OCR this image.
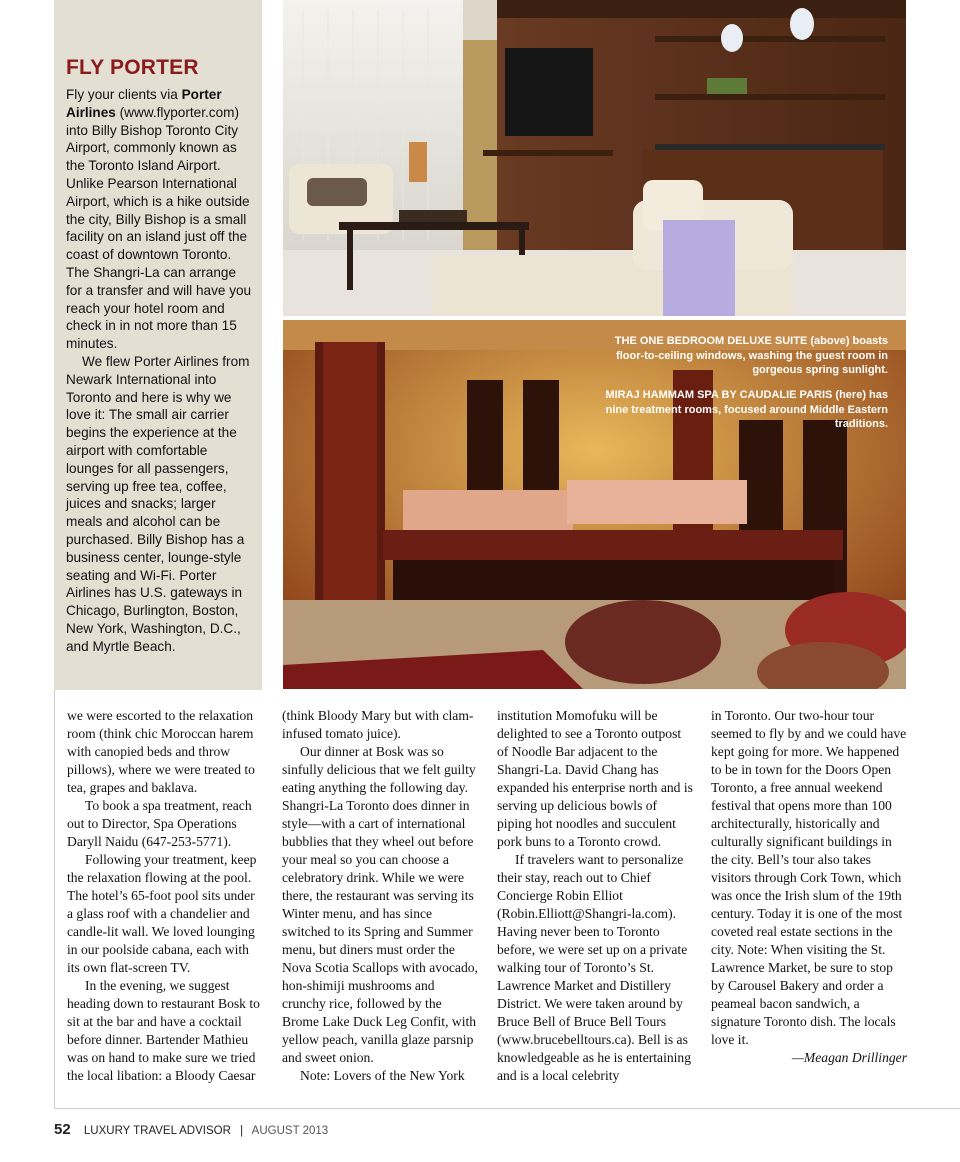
FLY PORTER

Fly your clients via Porter Airlines (www.flyporter.com) into Billy Bishop Toronto City Airport, commonly known as the Toronto Island Airport. Unlike Pearson International Airport, which is a hike outside the city, Billy Bishop is a small facility on an island just off the coast of downtown Toronto. The Shangri-La can arrange for a transfer and will have you reach your hotel room and check in in not more than 15 minutes.

We flew Porter Airlines from Newark International into Toronto and here is why we love it: The small air carrier begins the experience at the airport with comfortable lounges for all passengers, serving up free tea, coffee, juices and snacks; larger meals and alcohol can be purchased. Billy Bishop has a business center, lounge-style seating and Wi-Fi. Porter Airlines has U.S. gateways in Chicago, Burlington, Boston, New York, Washington, D.C., and Myrtle Beach.

THE ONE BEDROOM DELUXE SUITE (above) boasts floor-to-ceiling windows, washing the guest room in gorgeous spring sunlight.
MIRAJ HAMMAM SPA BY CAUDALIE PARIS (here) has nine treatment rooms, focused around Middle Eastern traditions.

we were escorted to the relaxation room (think chic Moroccan harem with canopied beds and throw pillows), where we were treated to tea, grapes and baklava.

To book a spa treatment, reach out to Director, Spa Operations Daryll Naidu (647-253-5771).

Following your treatment, keep the relaxation flowing at the pool. The hotel’s 65-foot pool sits under a glass roof with a chandelier and candle-lit wall. We loved lounging in our poolside cabana, each with its own flat-screen TV.

In the evening, we suggest heading down to restaurant Bosk to sit at the bar and have a cocktail before dinner. Bartender Mathieu was on hand to make sure we tried the local libation: a Bloody Caesar

(think Bloody Mary but with clam-infused tomato juice).

Our dinner at Bosk was so sinfully delicious that we felt guilty eating anything the following day. Shangri-La Toronto does dinner in style—with a cart of international bubblies that they wheel out before your meal so you can choose a celebratory drink. While we were there, the restaurant was serving its Winter menu, and has since switched to its Spring and Summer menu, but diners must order the Nova Scotia Scallops with avocado, hon-shimiji mushrooms and crunchy rice, followed by the Brome Lake Duck Leg Confit, with yellow peach, vanilla glaze parsnip and sweet onion.

Note: Lovers of the New York

institution Momofuku will be delighted to see a Toronto outpost of Noodle Bar adjacent to the Shangri-La. David Chang has expanded his enterprise north and is serving up delicious bowls of piping hot noodles and succulent pork buns to a Toronto crowd.

If travelers want to personalize their stay, reach out to Chief Concierge Robin Elliot (Robin.Elliott@Shangri-la.com). Having never been to Toronto before, we were set up on a private walking tour of Toronto’s St. Lawrence Market and Distillery District. We were taken around by Bruce Bell of Bruce Bell Tours (www.brucebelltours.ca). Bell is as knowledgeable as he is entertaining and is a local celebrity

in Toronto. Our two-hour tour seemed to fly by and we could have kept going for more. We happened to be in town for the Doors Open Toronto, a free annual weekend festival that opens more than 100 architecturally, historically and culturally significant buildings in the city. Bell’s tour also takes visitors through Cork Town, which was once the Irish slum of the 19th century. Today it is one of the most coveted real estate sections in the city. Note: When visiting the St. Lawrence Market, be sure to stop by Carousel Bakery and order a peameal bacon sandwich, a signature Toronto dish. The locals love it.

—Meagan Drillinger

52 LUXURY TRAVEL ADVISOR | AUGUST 2013
